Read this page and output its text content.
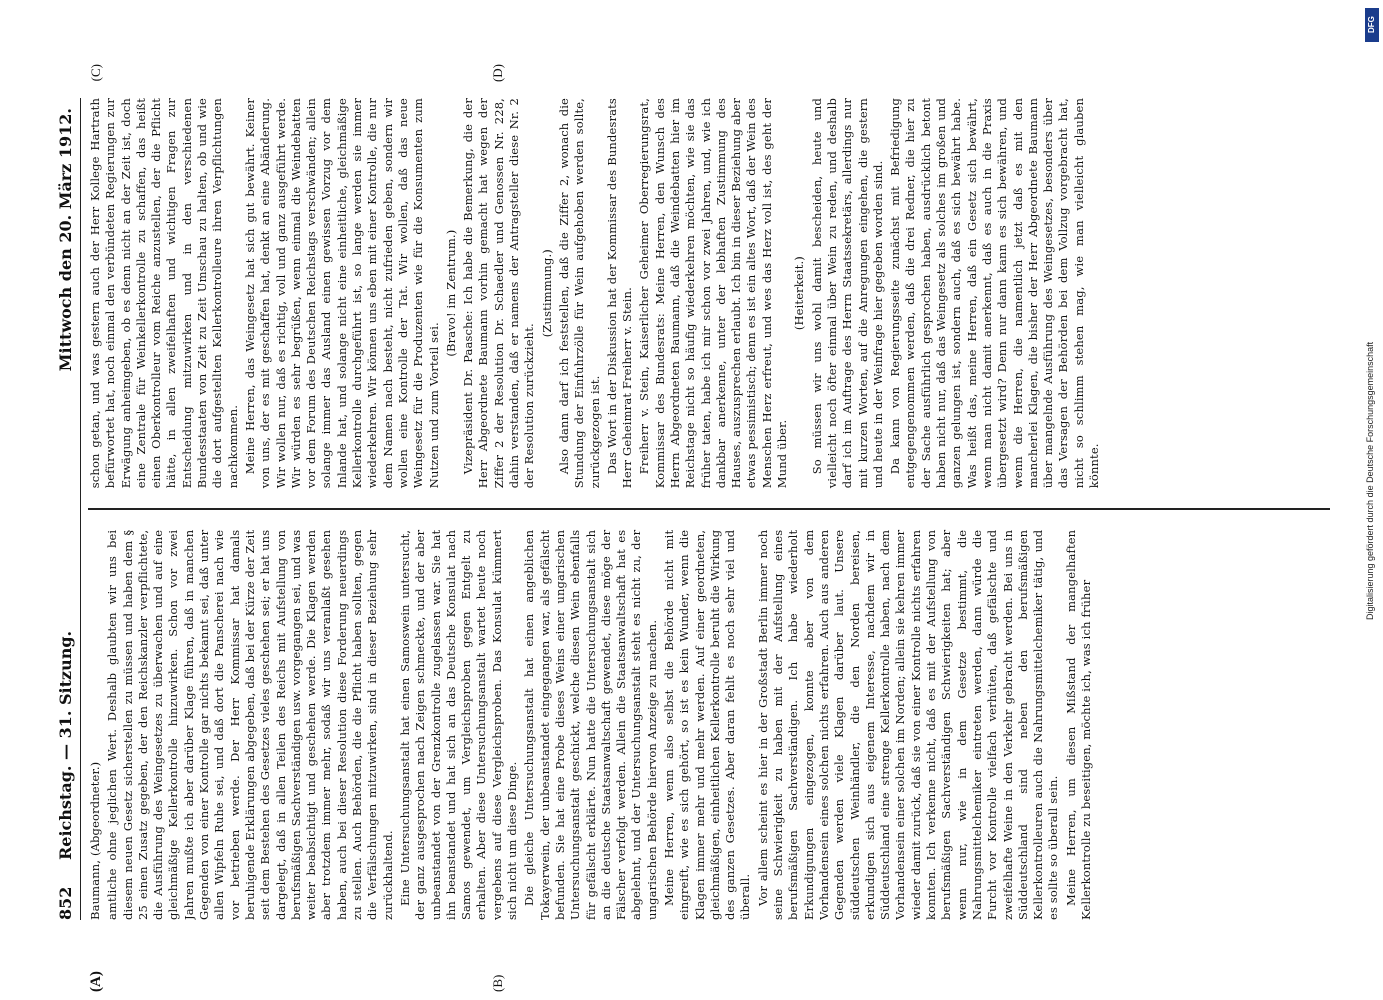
852
Reichstag. — 31. Sitzung.
Mittwoch den 20. März 1912.
(A)	(B)
(C)	(D)

Baumann, (Abgeordneter.) amtliche ohne jeglichen Wert. Deshalb glaubten wir uns bei diesem neuen Gesetz sicherstellen zu müssen und haben dem § 25 einen Zusatz gegeben, der den Reichskanzler verpflichtete, die Ausführung des Weingesetzes zu überwachen und auf eine gleichmäßige Kellerkontrolle hinzuwirken. Schon vor zwei Jahren mußte ich aber darüber Klage führen, daß in manchen Gegenden von einer Kontrolle gar nichts bekannt sei, daß unter allen Wipfeln Ruhe sei, und daß dort die Panscherei nach wie vor betrieben werde. Der Herr Kommissar hat damals beruhigende Erklärungen abgegeben, daß bei der Kürze der Zeit seit dem Bestehen des Gesetzes vieles geschehen sei; er hat uns dargelegt, daß in allen Teilen des Reichs mit Aufstellung von berufsmäßigen Sachverständigen usw. vorgegangen sei, und was weiter beabsichtigt und geschehen werde. Die Klagen werden aber trotzdem immer mehr, sodaß wir uns veranlaßt gesehen haben, auch bei dieser Resolution diese Forderung neuerdings zu stellen. Auch Behörden, die die Pflicht haben sollten, gegen die Verfälschungen mitzuwirken, sind in dieser Beziehung sehr zurückhaltend. Eine Untersuchungsanstalt hat einen Samoswein untersucht, der ganz ausgesprochen nach Zeigen schmeckte, und der aber unbeanstandet von der Grenzkontrolle zugelassen war. Sie hat ihn beanstandet und hat sich an das Deutsche Konsulat nach Samos gewendet, um Vergleichsproben gegen Entgelt zu erhalten. Aber diese Untersuchungsanstalt wartet heute noch vergebens auf diese Vergleichsproben. Das Konsulat kümmert sich nicht um diese Dinge. Die gleiche Untersuchungsanstalt hat einen angeblichen Tokayerwein, der unbeanstandet eingegangen war, als gefälscht befunden. Sie hat eine Probe dieses Weins einer ungarischen Untersuchungsanstalt geschickt, welche diesen Wein ebenfalls für gefälscht erklärte. Nun hatte die Untersuchungsanstalt sich an die deutsche Staatsanwaltschaft gewendet, diese möge der Fälscher verfolgt werden. Allein die Staatsanwaltschaft hat es abgelehnt, und der Untersuchungsanstalt steht es nicht zu, der ungarischen Behörde hiervon Anzeige zu machen. Meine Herren, wenn also selbst die Behörde nicht mit eingreift, wie es sich gehört, so ist es kein Wunder, wenn die Klagen immer mehr und mehr werden. Auf einer geordneten, gleichmäßigen, einheitlichen Kellerkontrolle beruht die Wirkung des ganzen Gesetzes. Aber daran fehlt es noch sehr viel und überall. Vor allem scheint es hier in der Großstadt Berlin immer noch seine Schwierigkeit zu haben mit der Aufstellung eines berufsmäßigen Sachverständigen. Ich habe wiederholt Erkundigungen eingezogen, konnte aber von dem Vorhandensein eines solchen nichts erfahren. Auch aus anderen Gegenden werden viele Klagen darüber laut. Unsere süddeutschen Weinhändler, die den Norden bereisen, erkundigen sich aus eigenem Interesse, nachdem wir in Süddeutschland eine strenge Kellerkontrolle haben, nach dem Vorhandensein einer solchen im Norden; allein sie kehren immer wieder damit zurück, daß sie von einer Kontrolle nichts erfahren konnten. Ich verkenne nicht, daß es mit der Aufstellung von berufsmäßigen Sachverständigen Schwierigkeiten hat; aber wenn nur, wie in dem Gesetze bestimmt, die Nahrungsmittelchemiker eintreten werden, dann würde die Furcht vor Kontrolle vielfach verhüten, daß gefälschte und zweifelhafte Weine in den Verkehr gebracht werden. Bei uns in Süddeutschland sind neben den berufsmäßigen Kellerkontrolleuren auch die Nahrungsmittelchemiker tätig, und es sollte so überall sein. Meine Herren, um diesen Mißstand der mangelhaften Kellerkontrolle zu beseitigen, möchte ich, was ich früher

schon getan, und was gestern auch der Herr Kollege Hartrath befürwortet hat, noch einmal den verbündeten Regierungen zur Erwägung anheimgeben, ob es denn nicht an der Zeit ist, doch eine Zentrale für Weinkellerkontrolle zu schaffen, das heißt einen Oberkontrolleur vom Reiche anzustellen, der die Pflicht hätte, in allen zweifelhaften und wichtigen Fragen zur Entscheidung mitzuwirken und in den verschiedenen Bundesstaaten von Zeit zu Zeit Umschau zu halten, ob und wie die dort aufgestellten Kellerkontrolleure ihren Verpflichtungen nachkommen. Meine Herren, das Weingesetz hat sich gut bewährt. Keiner von uns, der es mit geschaffen hat, denkt an eine Abänderung. Wir wollen nur, daß es richtig, voll und ganz ausgeführt werde. Wir würden es sehr begrüßen, wenn einmal die Weindebatten vor dem Forum des Deutschen Reichstags verschwänden; allein solange immer das Ausland einen gewissen Vorzug vor dem Inlande hat, und solange nicht eine einheitliche, gleichmäßige Kellerkontrolle durchgeführt ist, so lange werden sie immer wiederkehren. Wir können uns eben mit einer Kontrolle, die nur dem Namen nach besteht, nicht zufrieden geben, sondern wir wollen eine Kontrolle der Tat. Wir wollen, daß das neue Weingesetz für die Produzenten wie für die Konsumenten zum Nutzen und zum Vorteil sei.

(Bravo! im Zentrum.) Vizepräsident Dr. Paasche: Ich habe die Bemerkung, die der Herr Abgeordnete Baumann vorhin gemacht hat wegen der Ziffer 2 der Resolution Dr. Schaedler und Genossen Nr. 228, dahin verstanden, daß er namens der Antragsteller diese Nr. 2 der Resolution zurückzieht.

(Zustimmung.) Also dann darf ich feststellen, daß die Ziffer 2, wonach die Stundung der Einfuhrzölle für Wein aufgehoben werden sollte, zurückgezogen ist. Das Wort in der Diskussion hat der Kommissar des Bundesrats Herr Geheimrat Freiherr v. Stein. Freiherr v. Stein, Kaiserlicher Geheimer Oberregierungsrat, Kommissar des Bundesrats: Meine Herren, den Wunsch des Herrn Abgeordneten Baumann, daß die Weindebatten hier im Reichstage nicht so häufig wiederkehren möchten, wie sie das früher taten, habe ich mir schon vor zwei Jahren, und, wie ich dankbar anerkenne, unter der lebhaften Zustimmung des Hauses, auszusprechen erlaubt. Ich bin in dieser Beziehung aber etwas pessimistisch; denn es ist ein altes Wort, daß der Wein des Menschen Herz erfreut, und wes das Herz voll ist, des geht der Mund über.

(Heiterkeit.) So müssen wir uns wohl damit bescheiden, heute und vielleicht noch öfter einmal über Wein zu reden, und deshalb darf ich im Auftrage des Herrn Staatssekretärs, allerdings nur mit kurzen Worten, auf die Anregungen eingehen, die gestern und heute in der Weinfrage hier gegeben worden sind. Da kann von Regierungsseite zunächst mit Befriedigung entgegengenommen werden, daß die drei Redner, die hier zu der Sache ausführlich gesprochen haben, ausdrücklich betont haben nicht nur, daß das Weingesetz als solches im großen und ganzen gelungen ist, sondern auch, daß es sich bewährt habe. Was heißt das, meine Herren, daß ein Gesetz sich bewährt, wenn man nicht damit anerkennt, daß es auch in die Praxis übergesetzt wird? Denn nur dann kann es sich bewähren, und wenn die Herren, die namentlich jetzt daß es mit den mancherlei Klagen, die bisher der Herr Abgeordnete Baumann über mangelnde Ausführung des Weingesetzes, besonders über das Versagen der Behörden bei dem Vollzug vorgebracht hat, nicht so schlimm stehen mag, wie man vielleicht glauben könnte.

DFG
Digitalisierung gefördert durch die Deutsche Forschungsgemeinschaft
